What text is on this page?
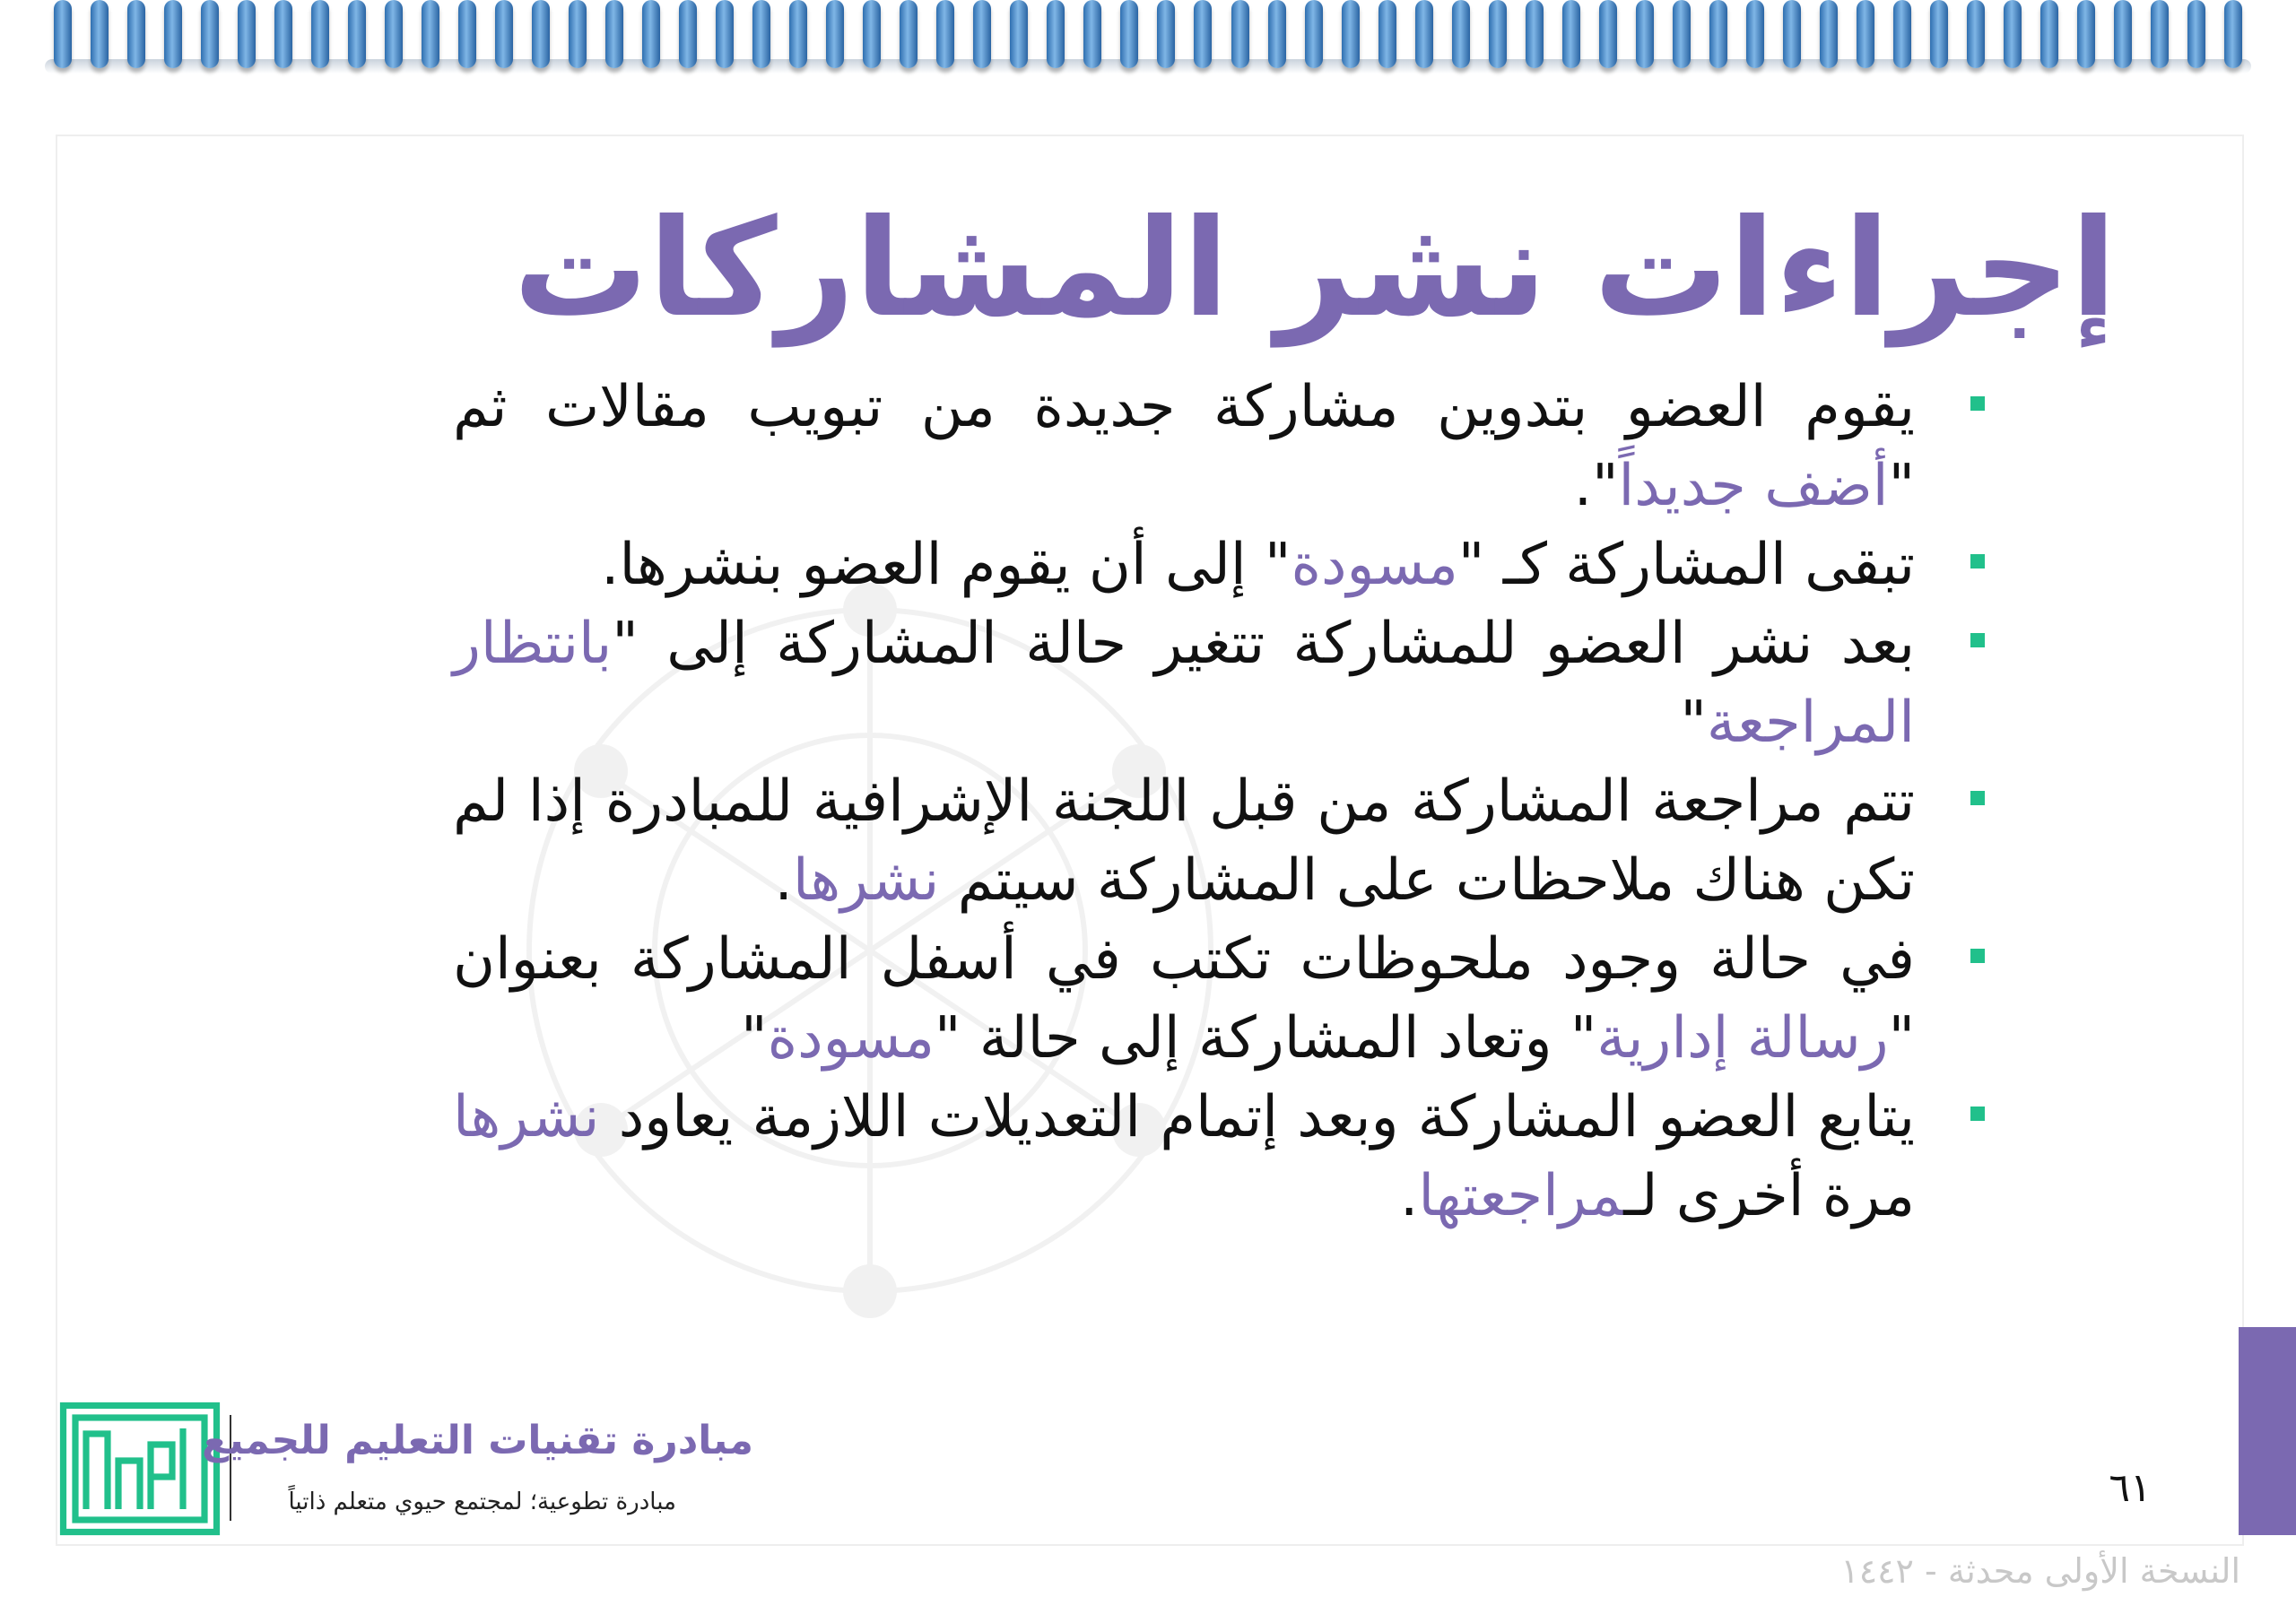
إجراءات نشر المشاركات
يقوم العضو بتدوين مشاركة جديدة من تبويب مقالات ثم "أضف جديداً".
تبقى المشاركة كـ "مسودة" إلى أن يقوم العضو بنشرها.
بعد نشر العضو للمشاركة تتغير حالة المشاركة إلى "بانتظار المراجعة"
تتم مراجعة المشاركة من قبل اللجنة الإشرافية للمبادرة إذا لم تكن هناك ملاحظات على المشاركة سيتم نشرها.
في حالة وجود ملحوظات تكتب في أسفل المشاركة بعنوان "رسالة إدارية" وتعاد المشاركة إلى حالة "مسودة"
يتابع العضو المشاركة وبعد إتمام التعديلات اللازمة يعاود نشرها مرة أخرى لـمراجعتها.

مبادرة تقنيات التعليم للجميع

مبادرة تطوعية؛ لمجتمع حيوي متعلم ذاتياً	٦١
النسخة الأولى محدثة - ١٤٤٢
